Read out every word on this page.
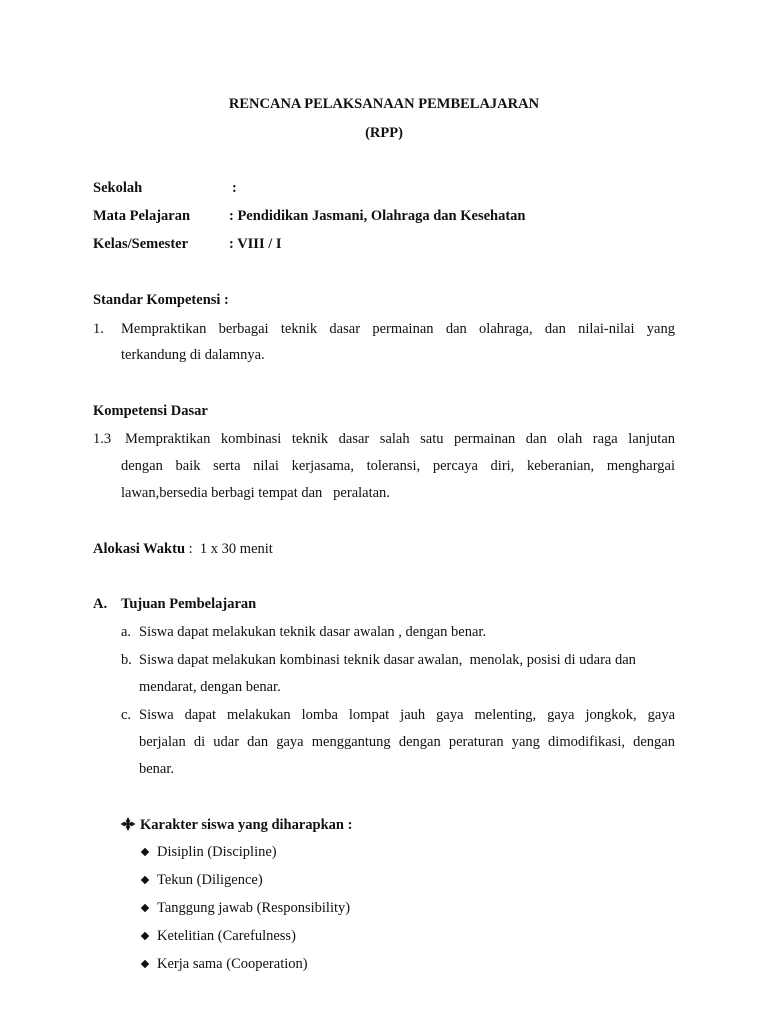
RENCANA PELAKSANAAN PEMBELAJARAN
(RPP)
Sekolah	:
Mata Pelajaran	: Pendidikan Jasmani, Olahraga dan Kesehatan
Kelas/Semester	: VIII / I
Standar Kompetensi :
1. Mempraktikan berbagai teknik dasar permainan dan olahraga, dan nilai-nilai yang
terkandung di dalamnya.
Kompetensi Dasar
1.3 Mempraktikan kombinasi teknik dasar salah satu permainan dan olah raga lanjutan
dengan baik serta nilai kerjasama, toleransi, percaya diri, keberanian, menghargai
lawan,bersedia berbagi tempat dan   peralatan.
Alokasi Waktu :  1 x 30 menit
A. Tujuan Pembelajaran
a. Siswa dapat melakukan teknik dasar awalan , dengan benar.
b. Siswa dapat melakukan kombinasi teknik dasar awalan,  menolak, posisi di udara dan
mendarat, dengan benar.
c. Siswa dapat melakukan lomba lompat jauh gaya melenting, gaya jongkok, gaya
berjalan di udar dan gaya menggantung dengan peraturan yang dimodifikasi, dengan
benar.
Karakter siswa yang diharapkan :
Disiplin (Discipline)
Tekun (Diligence)
Tanggung jawab (Responsibility)
Ketelitian (Carefulness)
Kerja sama (Cooperation)
